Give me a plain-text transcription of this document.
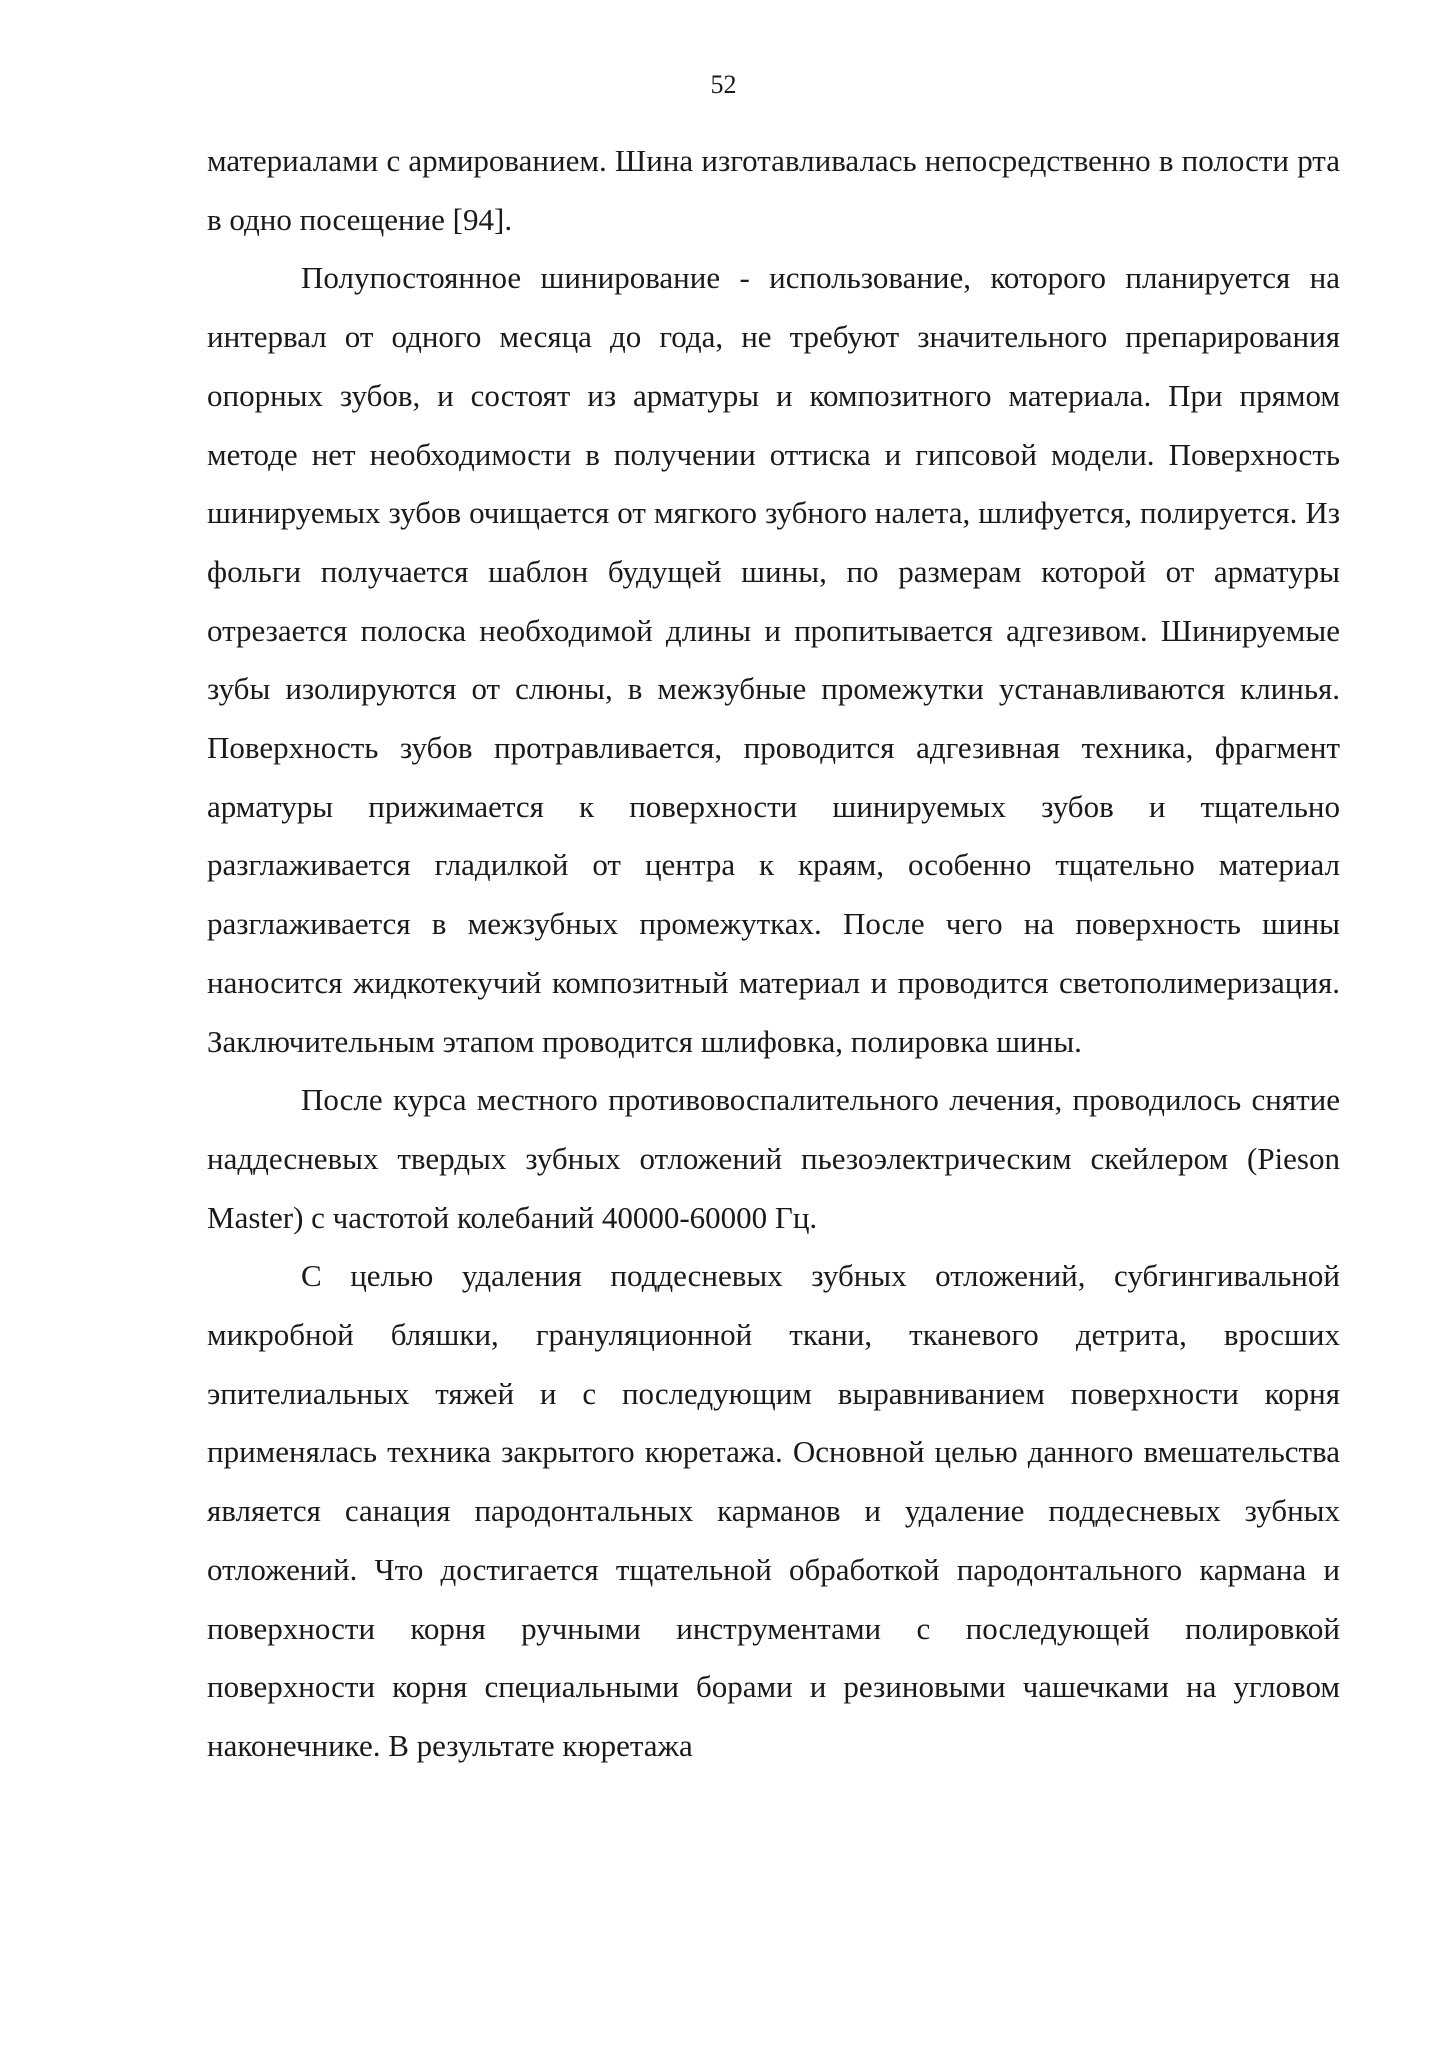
52

материалами с армированием. Шина изготавливалась непосредственно в полости рта в одно посещение [94].

Полупостоянное шинирование - использование, которого планируется на интервал от одного месяца до года, не требуют значительного препарирования опорных зубов, и состоят из арматуры и композитного материала. При прямом методе нет необходимости в получении оттиска и гипсовой модели. Поверхность шинируемых зубов очищается от мягкого зубного налета, шлифуется, полируется. Из фольги получается шаблон будущей шины, по размерам которой от арматуры отрезается полоска необходимой длины и пропитывается адгезивом. Шинируемые зубы изолируются от слюны, в межзубные промежутки устанавливаются клинья. Поверхность зубов протравливается, проводится адгезивная техника, фрагмент арматуры прижимается к поверхности шинируемых зубов и тщательно разглаживается гладилкой от центра к краям, особенно тщательно материал разглаживается в межзубных промежутках. После чего на поверхность шины наносится жидкотекучий композитный материал и проводится светополимеризация. Заключительным этапом проводится шлифовка, полировка шины.

После курса местного противовоспалительного лечения, проводилось снятие наддесневых твердых зубных отложений пьезоэлектрическим скейлером (Pieson Master) с частотой колебаний 40000-60000 Гц.

С целью удаления поддесневых зубных отложений, субгингивальной микробной бляшки, грануляционной ткани, тканевого детрита, вросших эпителиальных тяжей и с последующим выравниванием поверхности корня применялась техника закрытого кюретажа. Основной целью данного вмешательства является санация пародонтальных карманов и удаление поддесневых зубных отложений. Что достигается тщательной обработкой пародонтального кармана и поверхности корня ручными инструментами с последующей полировкой поверхности корня специальными борами и резиновыми чашечками на угловом наконечнике. В результате кюретажа
